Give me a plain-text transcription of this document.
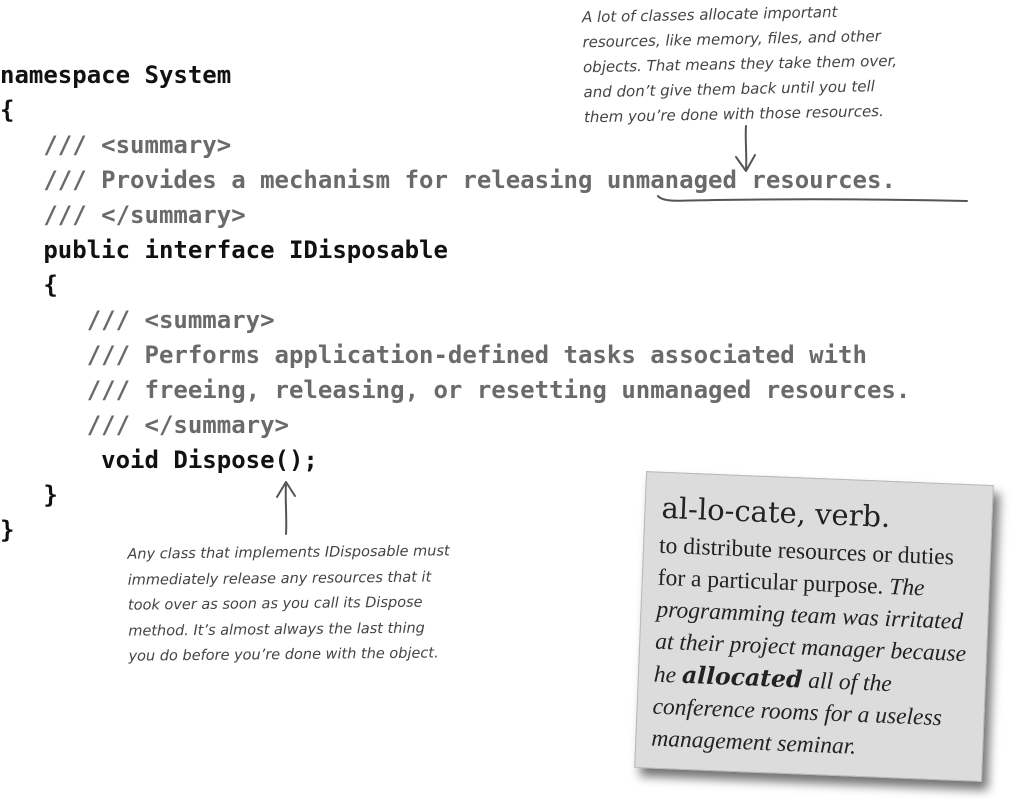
namespace System
{
/// <summary>
/// Provides a mechanism for releasing unmanaged resources.
/// </summary>
public interface IDisposable
{
/// <summary>
/// Performs application-defined tasks associated with
/// freeing, releasing, or resetting unmanaged resources.
/// </summary>
void Dispose();
}
}
A lot of classes allocate important
resources, like memory, files, and other
objects. That means they take them over,
and don’t give them back until you tell
them you’re done with those resources.
Any class that implements IDisposable must
immediately release any resources that it
took over as soon as you call its Dispose
method. It’s almost always the last thing
you do before you’re done with the object.
al-lo-cate, verb.
to distribute resources or duties for a particular purpose. The programming team was irritated at their project manager because he allocated all of the conference rooms for a useless management seminar.
